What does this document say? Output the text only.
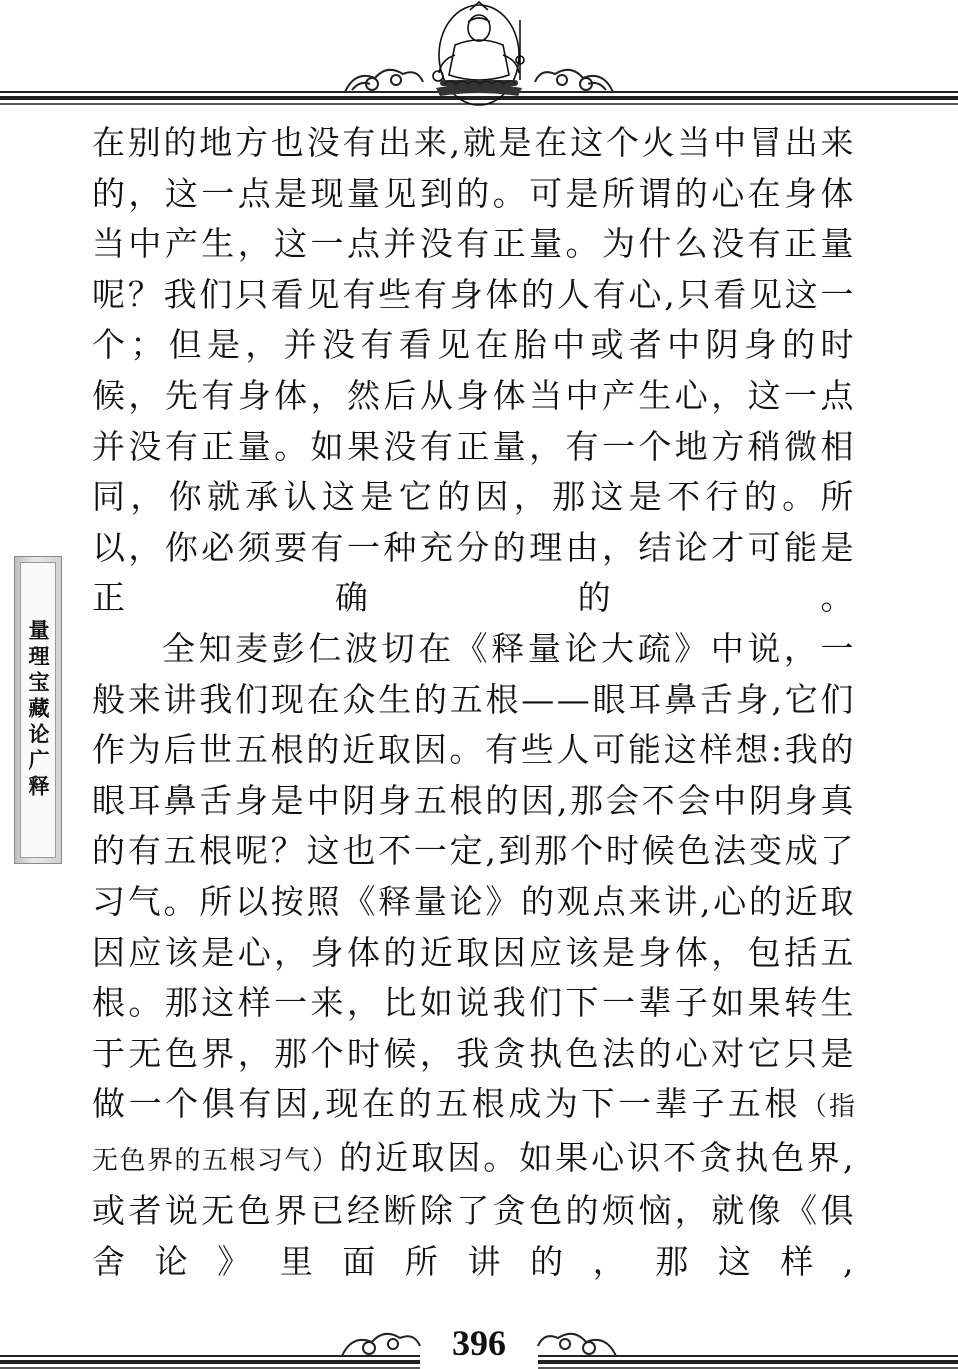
在别的地方也没有出来,就是在这个火当中冒出来的，这一点是现量见到的。可是所谓的心在身体当中产生，这一点并没有正量。为什么没有正量呢？我们只看见有些有身体的人有心,只看见这一个；但是，并没有看见在胎中或者中阴身的时候，先有身体，然后从身体当中产生心，这一点并没有正量。如果没有正量，有一个地方稍微相同，你就承认这是它的因，那这是不行的。所以，你必须要有一种充分的理由，结论才可能是
正确的。

全知麦彭仁波切在《释量论大疏》中说，一般来讲我们现在众生的五根——眼耳鼻舌身,它们作为后世五根的近取因。有些人可能这样想:我的眼耳鼻舌身是中阴身五根的因,那会不会中阴身真的有五根呢？这也不一定,到那个时候色法变成了习气。所以按照《释量论》的观点来讲,心的近取因应该是心，身体的近取因应该是身体，包括五根。那这样一来，比如说我们下一辈子如果转生于无色界，那个时候，我贪执色法的心对它只是做一个俱有因,现在的五根成为下一辈子五根（指无色界的五根习气）的近取因。如果心识不贪执色界,或者说无色界已经断除了贪色的烦恼，就像《俱舍论》里面所讲的，那这样,

量理宝藏论广释
396
